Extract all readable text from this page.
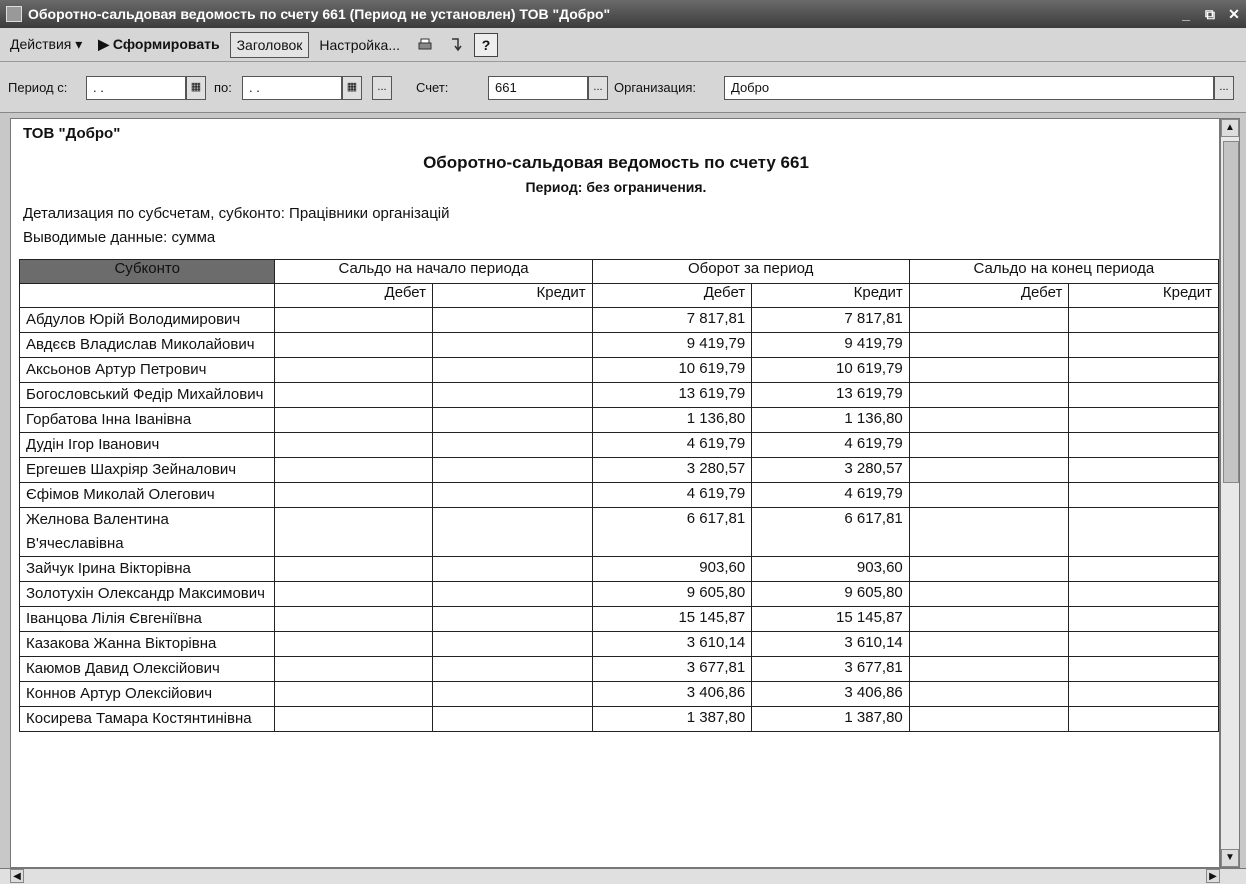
Оборотно-сальдовая ведомость по счету 661 (Период не установлен) ТОВ "Добро"	_	⧉ ✕
Действия ▾	▶ Сформировать	Заголовок	Настройка...	?
Период с:	. .	▦ по:	. .	▦	...	Счет:	661	... Организация:	Добро	...
ТОВ "Добро"
Оборотно-сальдовая ведомость по счету 661
Период: без ограничения.
Детализация по субсчетам, субконто: Працівники організацій
Выводимые данные: сумма
Субконто	Сальдо на начало периода		Оборот за период		Сальдо на конец периода	
	Дебет	Кредит	Дебет	Кредит	Дебет	Кредит
Абдулов Юрій Володимирович			7 817,81	7 817,81		
Авдєєв Владислав Миколайович			9 419,79	9 419,79		
Аксьонов Артур Петрович			10 619,79	10 619,79		
Богословський Федір Михайлович			13 619,79	13 619,79		
Горбатова Інна Іванівна			1 136,80	1 136,80		
Дудін Ігор Іванович			4 619,79	4 619,79		
Ергешев Шахріяр Зейналович			3 280,57	3 280,57		
Єфімов Миколай Олегович			4 619,79	4 619,79		
Желнова Валентина В'ячеславівна			6 617,81	6 617,81		
Зайчук Ірина Вікторівна			903,60	903,60		
Золотухін Олександр Максимович			9 605,80	9 605,80		
Іванцова Лілія Євгеніївна			15 145,87	15 145,87		
Казакова Жанна Вікторівна			3 610,14	3 610,14		
Каюмов Давид Олексійович			3 677,81	3 677,81		
Коннов Артур Олексійович			3 406,86	3 406,86		
Косирева Тамара Костянтинівна			1 387,80	1 387,80		
▲
▼
◀	▶
